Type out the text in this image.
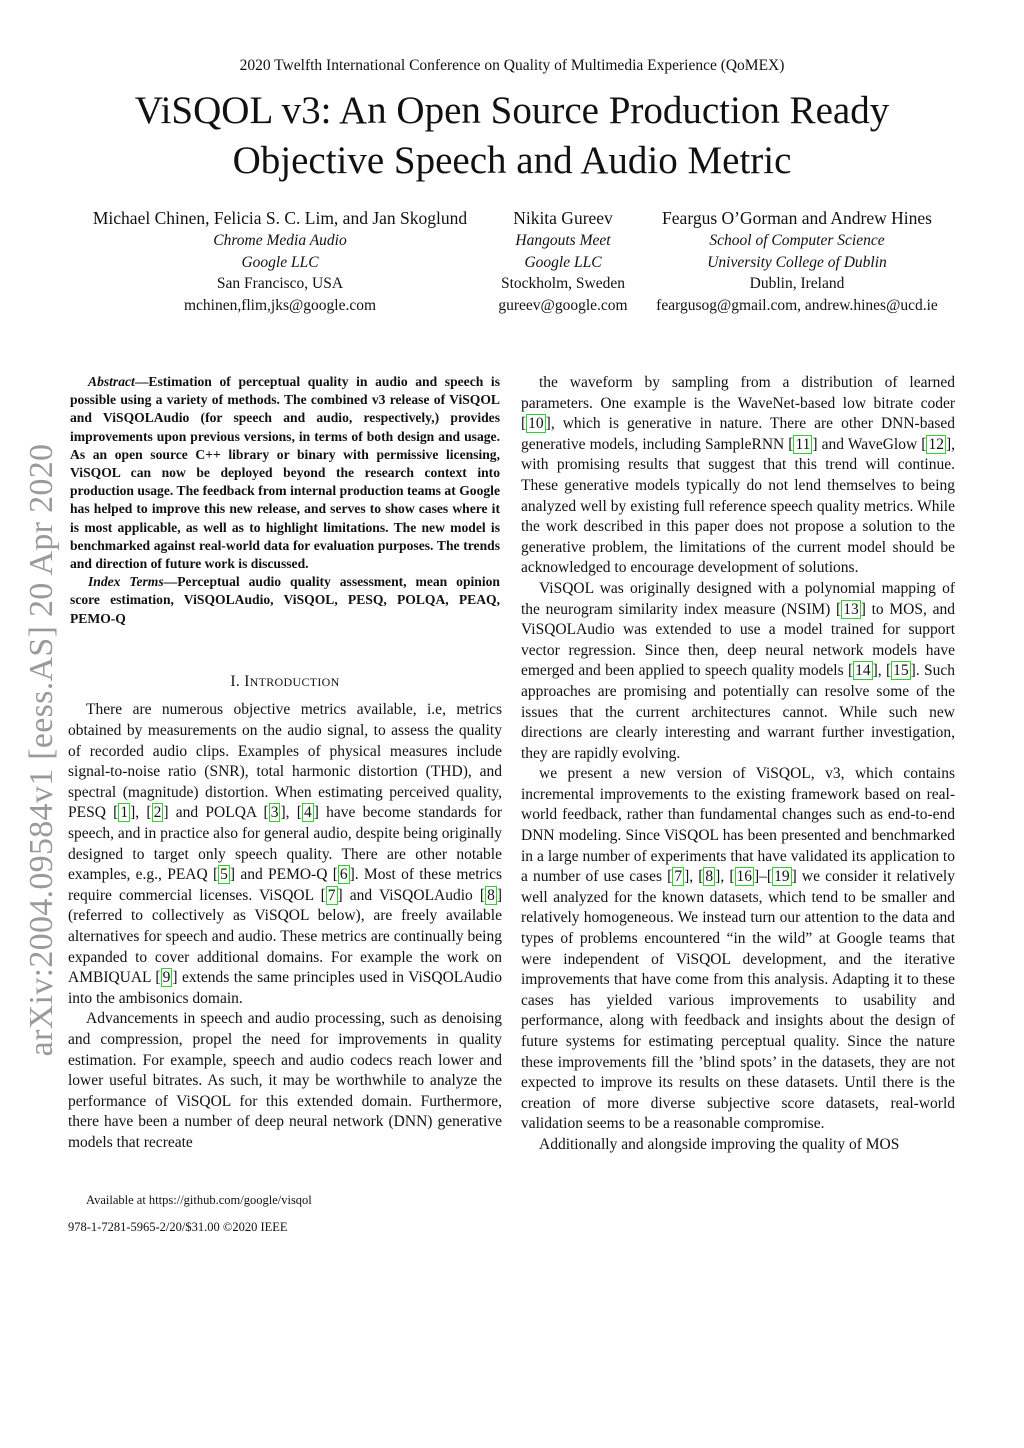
2020 Twelfth International Conference on Quality of Multimedia Experience (QoMEX)
ViSQOL v3: An Open Source Production Ready
Objective Speech and Audio Metric
Michael Chinen, Felicia S. C. Lim, and Jan Skoglund
Chrome Media Audio
Google LLC
San Francisco, USA
mchinen,flim,jks@google.com
Nikita Gureev
Hangouts Meet
Google LLC
Stockholm, Sweden
gureev@google.com
Feargus O’Gorman and Andrew Hines
School of Computer Science
University College of Dublin
Dublin, Ireland
feargusog@gmail.com, andrew.hines@ucd.ie
arXiv:2004.09584v1 [eess.AS] 20 Apr 2020

Abstract—Estimation of perceptual quality in audio and speech is possible using a variety of methods. The combined v3 release of ViSQOL and ViSQOLAudio (for speech and audio, respectively,) provides improvements upon previous versions, in terms of both design and usage. As an open source C++ library or binary with permissive licensing, ViSQOL can now be deployed beyond the research context into production usage. The feedback from internal production teams at Google has helped to improve this new release, and serves to show cases where it is most applicable, as well as to highlight limitations. The new model is benchmarked against real-world data for evaluation purposes. The trends and direction of future work is discussed.

Index Terms—Perceptual audio quality assessment, mean opinion score estimation, ViSQOLAudio, ViSQOL, PESQ, POLQA, PEAQ, PEMO-Q

I. INTRODUCTION

There are numerous objective metrics available, i.e, metrics obtained by measurements on the audio signal, to assess the quality of recorded audio clips. Examples of physical measures include signal-to-noise ratio (SNR), total harmonic distortion (THD), and spectral (magnitude) distortion. When estimating perceived quality, PESQ [ 1 ], [ 2 ] and POLQA [ 3 ], [ 4 ] have become standards for speech, and in practice also for general audio, despite being originally designed to target only speech quality. There are other notable examples, e.g., PEAQ [ 5 ] and PEMO-Q [ 6 ]. Most of these metrics require commercial licenses. ViSQOL [ 7 ] and ViSQOLAudio [ 8 ] (referred to collectively as ViSQOL below), are freely available alternatives for speech and audio. These metrics are continually being expanded to cover additional domains. For example the work on AMBIQUAL [ 9 ] extends the same principles used in ViSQOLAudio into the ambisonics domain.

Advancements in speech and audio processing, such as denoising and compression, propel the need for improvements in quality estimation. For example, speech and audio codecs reach lower and lower useful bitrates. As such, it may be worthwhile to analyze the performance of ViSQOL for this extended domain. Furthermore, there have been a number of deep neural network (DNN) generative models that recreate

the waveform by sampling from a distribution of learned parameters. One example is the WaveNet-based low bitrate coder [ 10 ], which is generative in nature. There are other DNN-based generative models, including SampleRNN [ 11 ] and WaveGlow [ 12 ], with promising results that suggest that this trend will continue. These generative models typically do not lend themselves to being analyzed well by existing full reference speech quality metrics. While the work described in this paper does not propose a solution to the generative problem, the limitations of the current model should be acknowledged to encourage development of solutions.

ViSQOL was originally designed with a polynomial mapping of the neurogram similarity index measure (NSIM) [ 13 ] to MOS, and ViSQOLAudio was extended to use a model trained for support vector regression. Since then, deep neural network models have emerged and been applied to speech quality models [ 14 ], [ 15 ]. Such approaches are promising and potentially can resolve some of the issues that the current architectures cannot. While such new directions are clearly interesting and warrant further investigation, they are rapidly evolving.

we present a new version of ViSQOL, v3, which contains incremental improvements to the existing framework based on real-world feedback, rather than fundamental changes such as end-to-end DNN modeling. Since ViSQOL has been presented and benchmarked in a large number of experiments that have validated its application to a number of use cases [ 7 ], [ 8 ], [ 16 ]–[ 19 ] we consider it relatively well analyzed for the known datasets, which tend to be smaller and relatively homogeneous. We instead turn our attention to the data and types of problems encountered “in the wild” at Google teams that were independent of ViSQOL development, and the iterative improvements that have come from this analysis. Adapting it to these cases has yielded various improvements to usability and performance, along with feedback and insights about the design of future systems for estimating perceptual quality. Since the nature these improvements fill the ’blind spots’ in the datasets, they are not expected to improve its results on these datasets. Until there is the creation of more diverse subjective score datasets, real-world validation seems to be a reasonable compromise.

Additionally and alongside improving the quality of MOS

Available at https://github.com/google/visqol
978-1-7281-5965-2/20/$31.00 ©2020 IEEE
